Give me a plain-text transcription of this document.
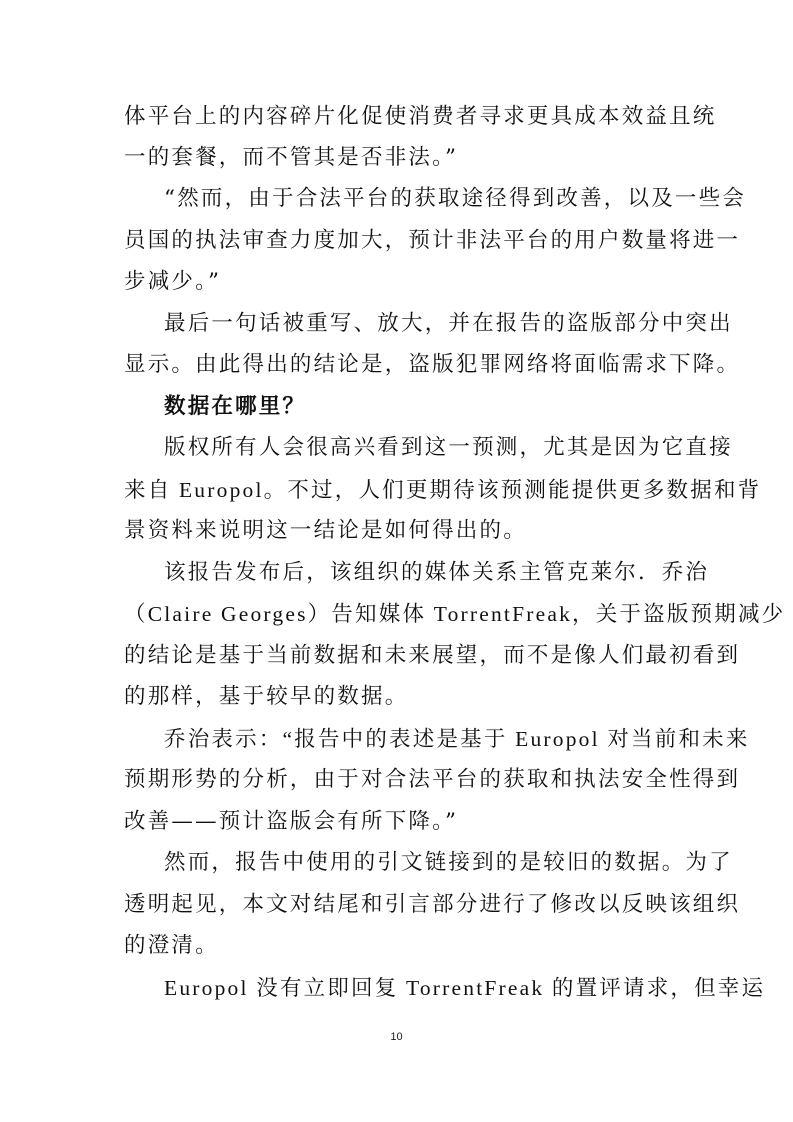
体平台上的内容碎片化促使消费者寻求更具成本效益且统
一的套餐，而不管其是否非法。”
“然而，由于合法平台的获取途径得到改善，以及一些会
员国的执法审查力度加大，预计非法平台的用户数量将进一
步减少。”
最后一句话被重写、放大，并在报告的盗版部分中突出
显示。由此得出的结论是，盗版犯罪网络将面临需求下降。
数据在哪里？
版权所有人会很高兴看到这一预测，尤其是因为它直接
来自 Europol。不过，人们更期待该预测能提供更多数据和背
景资料来说明这一结论是如何得出的。
该报告发布后，该组织的媒体关系主管克莱尔．乔治
（Claire Georges）告知媒体 TorrentFreak，关于盗版预期减少
的结论是基于当前数据和未来展望，而不是像人们最初看到
的那样，基于较早的数据。
乔治表示：“报告中的表述是基于 Europol 对当前和未来
预期形势的分析，由于对合法平台的获取和执法安全性得到
改善——预计盗版会有所下降。”
然而，报告中使用的引文链接到的是较旧的数据。为了
透明起见，本文对结尾和引言部分进行了修改以反映该组织
的澄清。
Europol 没有立即回复 TorrentFreak 的置评请求，但幸运
10
